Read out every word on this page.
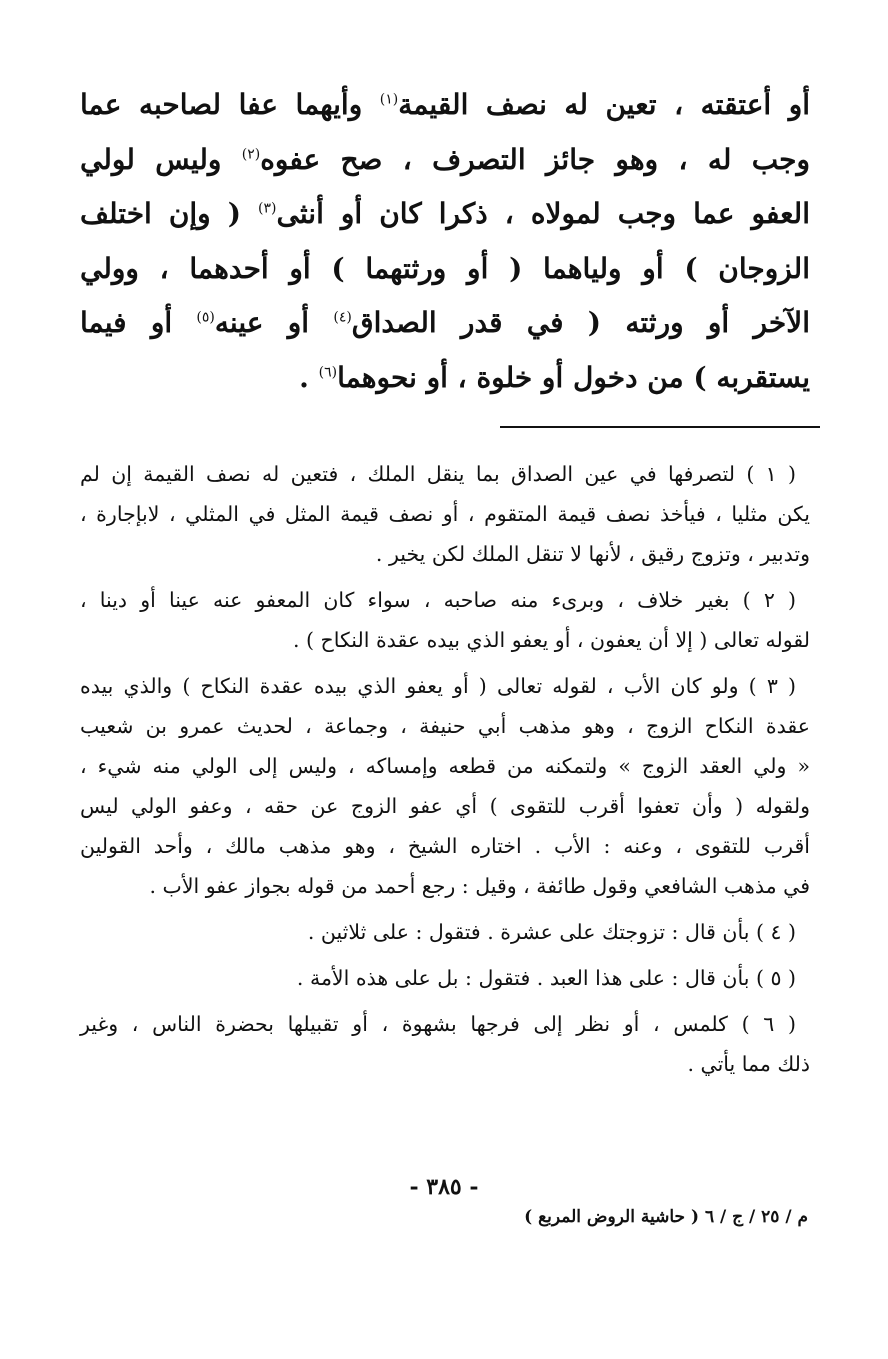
أو أعتقته ، تعين له نصف القيمة$^{(١)}$ وأيهما عفا لصاحبه عما
وجب له ، وهو جائز التصرف ، صح عفوه$^{(٢)}$ وليس لولي
العفو عما وجب لمولاه ، ذكرا كان أو أنثى$^{(٣)}$ ( وإن اختلف
الزوجان ) أو ولياهما ( أو ورثتهما ) أو أحدهما ، وولي
الآخر أو ورثته ( في قدر الصداق$^{(٤)}$ أو عينه$^{(٥)}$ أو فيما
يستقربه ) من دخول أو خلوة ، أو نحوهما$^{(٦)}$ .
( ١ ) لتصرفها في عين الصداق بما ينقل الملك ، فتعين له نصف القيمة إن لم
يكن مثليا ، فيأخذ نصف قيمة المتقوم ، أو نصف قيمة المثل في المثلي ، لابإجارة ،
وتدبير ، وتزوج رقيق ، لأنها لا تنقل الملك لكن يخير .
( ٢ ) بغير خلاف ، وبرىء منه صاحبه ، سواء كان المعفو عنه عينا أو دينا ،
لقوله تعالى ( إلا أن يعفون ، أو يعفو الذي بيده عقدة النكاح ) .
( ٣ ) ولو كان الأب ، لقوله تعالى ( أو يعفو الذي بيده عقدة النكاح ) والذي بيده
عقدة النكاح الزوج ، وهو مذهب أبي حنيفة ، وجماعة ، لحديث عمرو بن شعيب
« ولي العقد الزوج » ولتمكنه من قطعه وإمساكه ، وليس إلى الولي منه شيء ،
ولقوله ( وأن تعفوا أقرب للتقوى ) أي عفو الزوج عن حقه ، وعفو الولي ليس
أقرب للتقوى ، وعنه : الأب . اختاره الشيخ ، وهو مذهب مالك ، وأحد القولين
في مذهب الشافعي وقول طائفة ، وقيل : رجع أحمد من قوله بجواز عفو الأب .
( ٤ ) بأن قال : تزوجتك على عشرة . فتقول : على ثلاثين .
( ٥ ) بأن قال : على هذا العبد . فتقول : بل على هذه الأمة .
( ٦ ) كلمس ، أو نظر إلى فرجها بشهوة ، أو تقبيلها بحضرة الناس ، وغير
ذلك مما يأتي .
- ٣٨٥ -
م / ٢٥ / ج / ٦ ( حاشية الروض المربع )
